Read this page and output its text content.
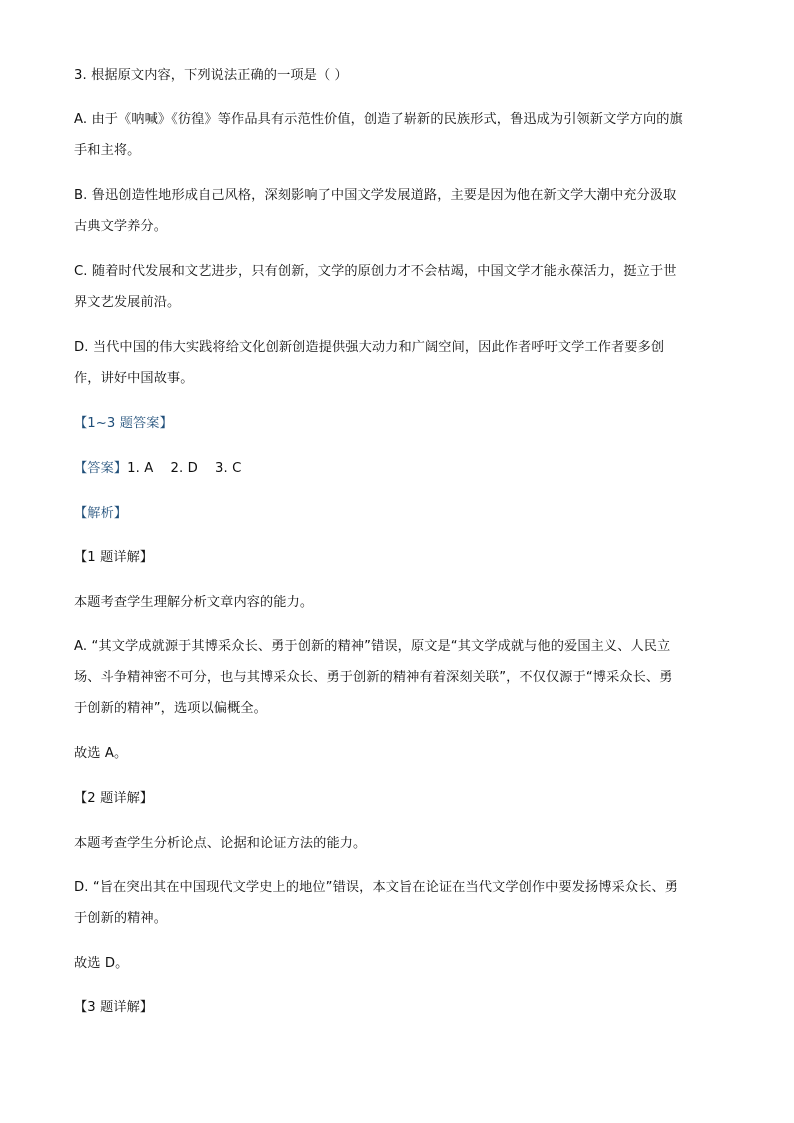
3. 根据原文内容，下列说法正确的一项是（ ）
A. 由于《呐喊》《彷徨》等作品具有示范性价值，创造了崭新的民族形式，鲁迅成为引领新文学方向的旗
手和主将。
B. 鲁迅创造性地形成自己风格，深刻影响了中国文学发展道路，主要是因为他在新文学大潮中充分汲取
古典文学养分。
C. 随着时代发展和文艺进步，只有创新，文学的原创力才不会枯竭，中国文学才能永葆活力，挺立于世
界文艺发展前沿。
D. 当代中国的伟大实践将给文化创新创造提供强大动力和广阔空间，因此作者呼吁文学工作者要多创
作，讲好中国故事。
【1~3 题答案】
【答案】1. A    2. D    3. C
【解析】
【1 题详解】
本题考查学生理解分析文章内容的能力。
A. “其文学成就源于其博采众长、勇于创新的精神”错误，原文是“其文学成就与他的爱国主义、人民立
场、斗争精神密不可分，也与其博采众长、勇于创新的精神有着深刻关联”，不仅仅源于“博采众长、勇
于创新的精神”，选项以偏概全。
故选 A。
【2 题详解】
本题考查学生分析论点、论据和论证方法的能力。
D. “旨在突出其在中国现代文学史上的地位”错误，本文旨在论证在当代文学创作中要发扬博采众长、勇
于创新的精神。
故选 D。
【3 题详解】
